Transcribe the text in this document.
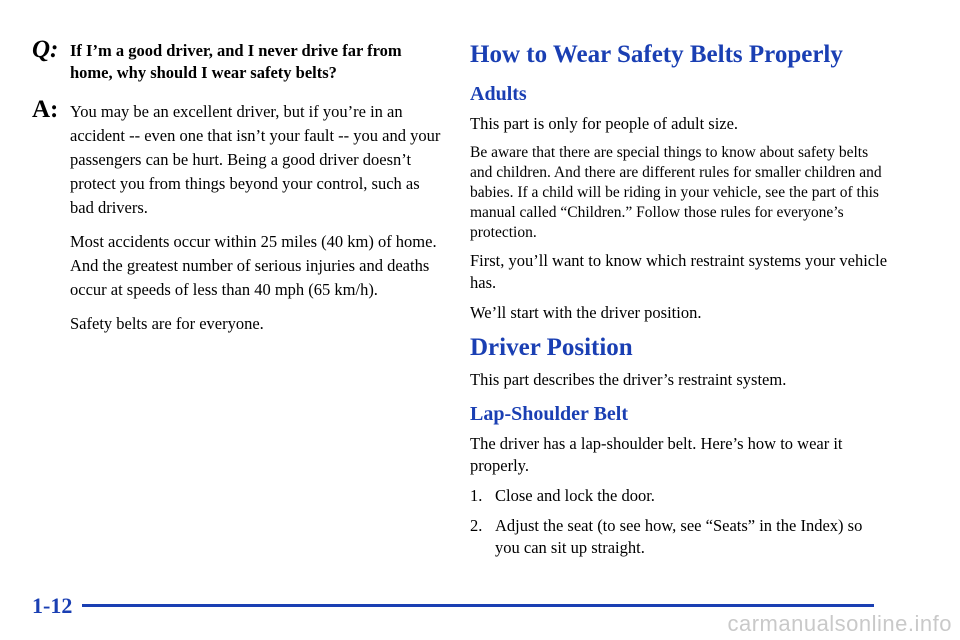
Q: If I’m a good driver, and I never drive far from home, why should I wear safety belts?
A: You may be an excellent driver, but if you’re in an accident -- even one that isn’t your fault -- you and your passengers can be hurt. Being a good driver doesn’t protect you from things beyond your control, such as bad drivers.
Most accidents occur within 25 miles (40 km) of home. And the greatest number of serious injuries and deaths occur at speeds of less than 40 mph (65 km/h).
Safety belts are for everyone.
How to Wear Safety Belts Properly
Adults

This part is only for people of adult size.

Be aware that there are special things to know about safety belts and children. And there are different rules for smaller children and babies. If a child will be riding in your vehicle, see the part of this manual called “Children.” Follow those rules for everyone’s protection.

First, you’ll want to know which restraint systems your vehicle has.

We’ll start with the driver position.

Driver Position

This part describes the driver’s restraint system.

Lap-Shoulder Belt

The driver has a lap-shoulder belt. Here’s how to wear it properly.

1. Close and lock the door.
2. Adjust the seat (to see how, see “Seats” in the Index) so you can sit up straight.
1-12
carmanualsonline.info
